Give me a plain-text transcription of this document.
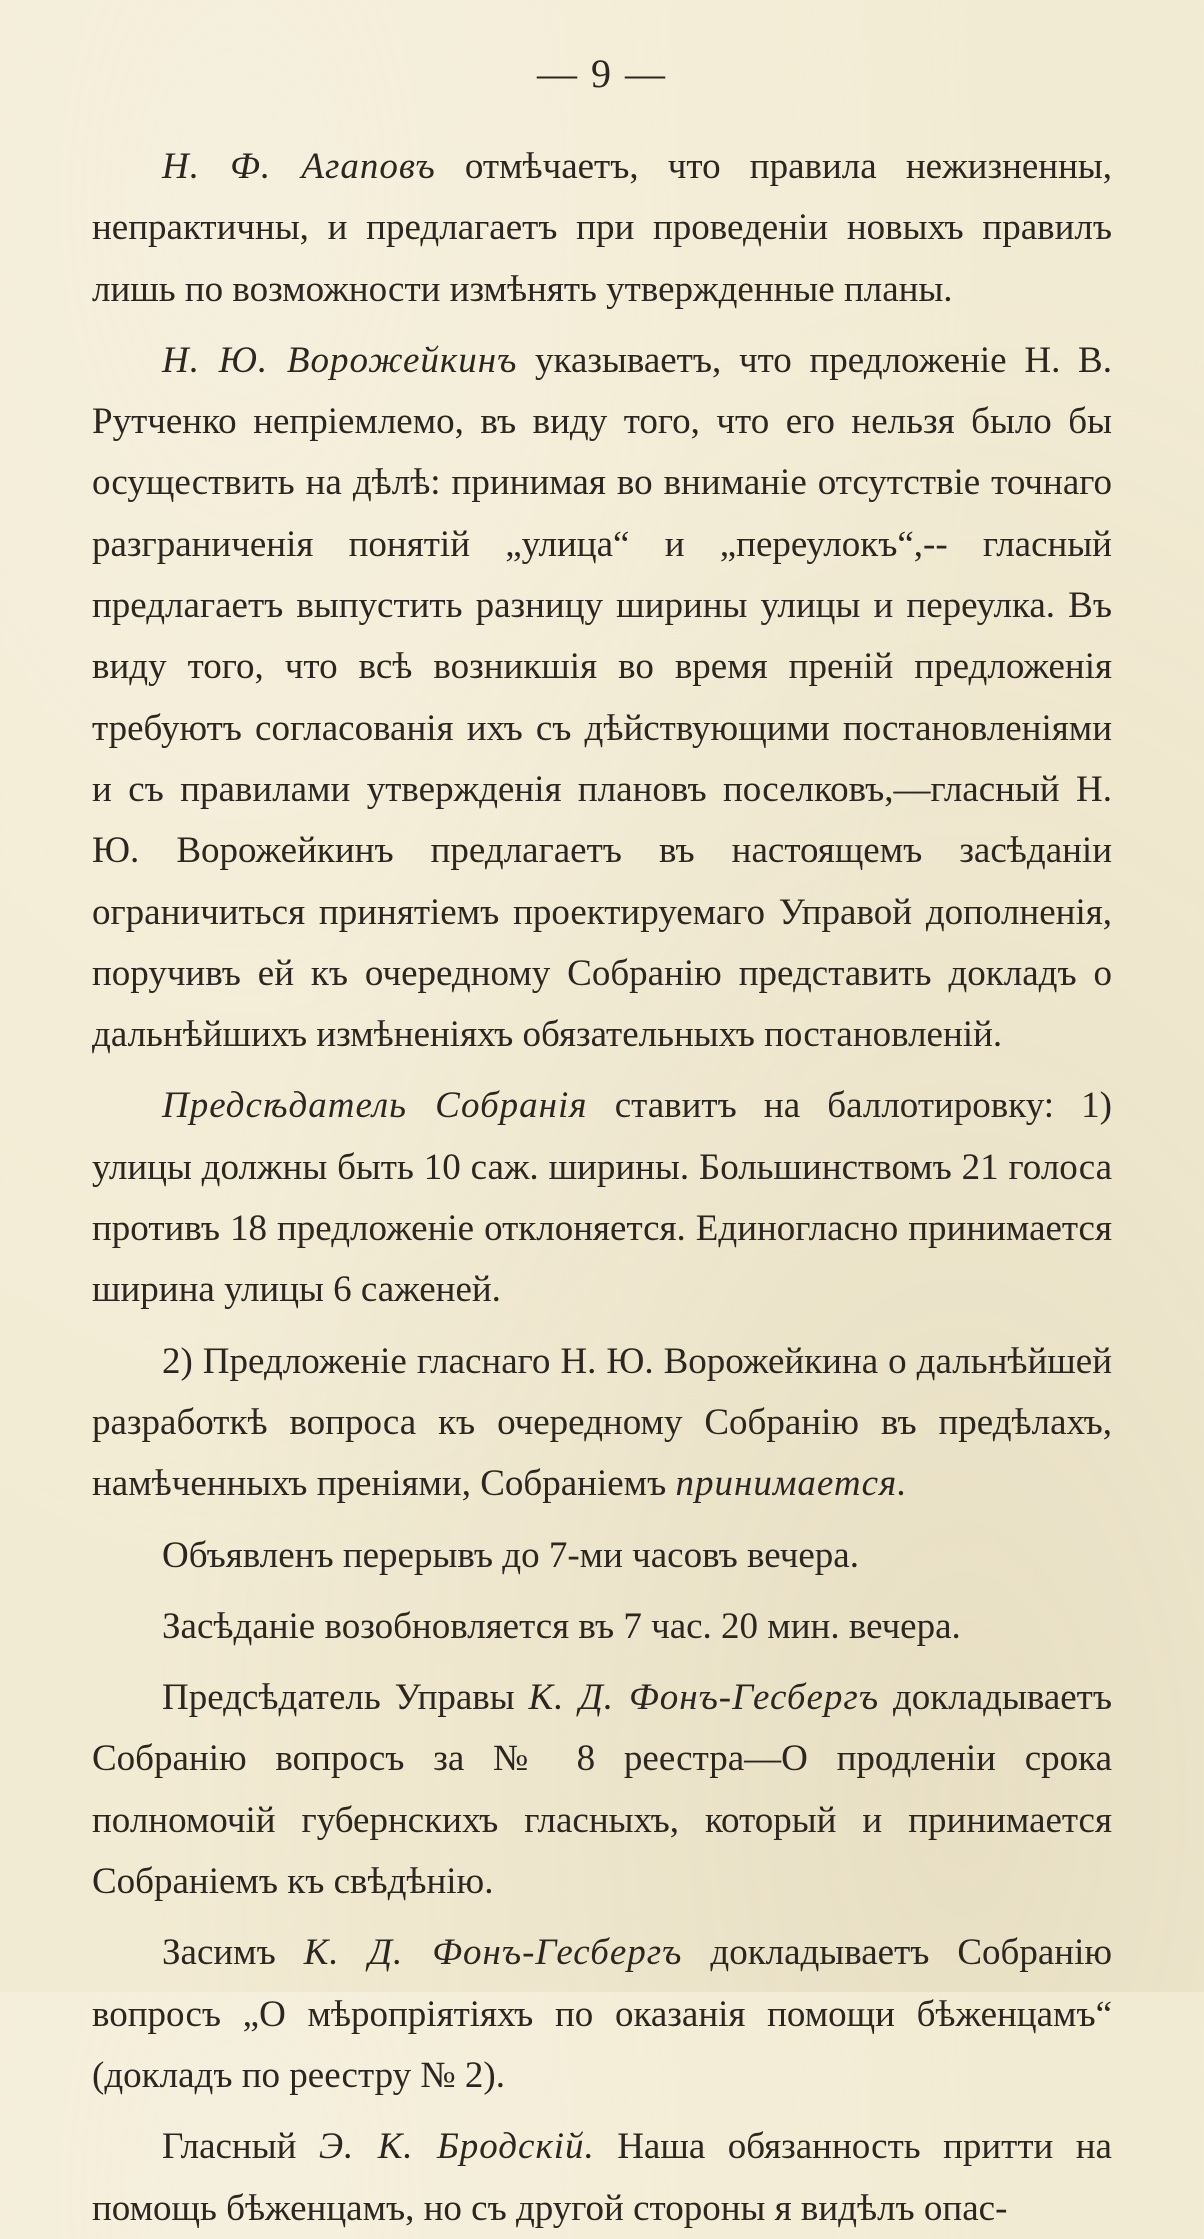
— 9 —

Н. Ф. Агаповъ отмѣчаетъ, что правила нежизненны, непрактичны, и предлагаетъ при проведенiи новыхъ правилъ лишь по возможности измѣнять утвержденные планы.

Н. Ю. Ворожейкинъ указываетъ, что предложенiе Н. В. Рутченко непрiемлемо, въ виду того, что его нельзя было бы осуществить на дѣлѣ: принимая во вниманiе отсутствiе точнаго разграниченiя понятiй „улица“ и „переулокъ“,-- гласный предлагаетъ выпустить разницу ширины улицы и переулка. Въ виду того, что всѣ возникшiя во время пренiй предложенiя требуютъ согласованiя ихъ съ дѣйствующими постановленiями и съ правилами утвержденiя плановъ поселковъ,—гласный Н. Ю. Ворожейкинъ предлагаетъ въ настоящемъ засѣданiи ограничиться принятiемъ проектируемаго Управой дополненiя, поручивъ ей къ очередному Собранiю представить докладъ о дальнѣйшихъ измѣненiяхъ обязательныхъ постановленiй.

Предсѣдатель Собранiя ставитъ на баллотировку: 1) улицы должны быть 10 саж. ширины. Большинствомъ 21 голоса противъ 18 предложенiе отклоняется. Единогласно принимается ширина улицы 6 саженей.

2) Предложенiе гласнаго Н. Ю. Ворожейкина о дальнѣйшей разработкѣ вопроса къ очередному Собранiю въ предѣлахъ, намѣченныхъ пренiями, Собранiемъ принимается.

Объявленъ перерывъ до 7-ми часовъ вечера.

Засѣданiе возобновляется въ 7 час. 20 мин. вечера.

Предсѣдатель Управы К. Д. Фонъ-Гесбергъ докладываетъ Собранiю вопросъ за № 8 реестра—О продленiи срока полномочiй губернскихъ гласныхъ, который и принимается Собранiемъ къ свѣдѣнiю.

Засимъ К. Д. Фонъ-Гесбергъ докладываетъ Собранiю вопросъ „О мѣропрiятiяхъ по оказанiя помощи бѣженцамъ“ (докладъ по реестру № 2).

Гласный Э. К. Бродскiй. Наша обязанность притти на помощь бѣженцамъ, но съ другой стороны я видѣлъ опас-
